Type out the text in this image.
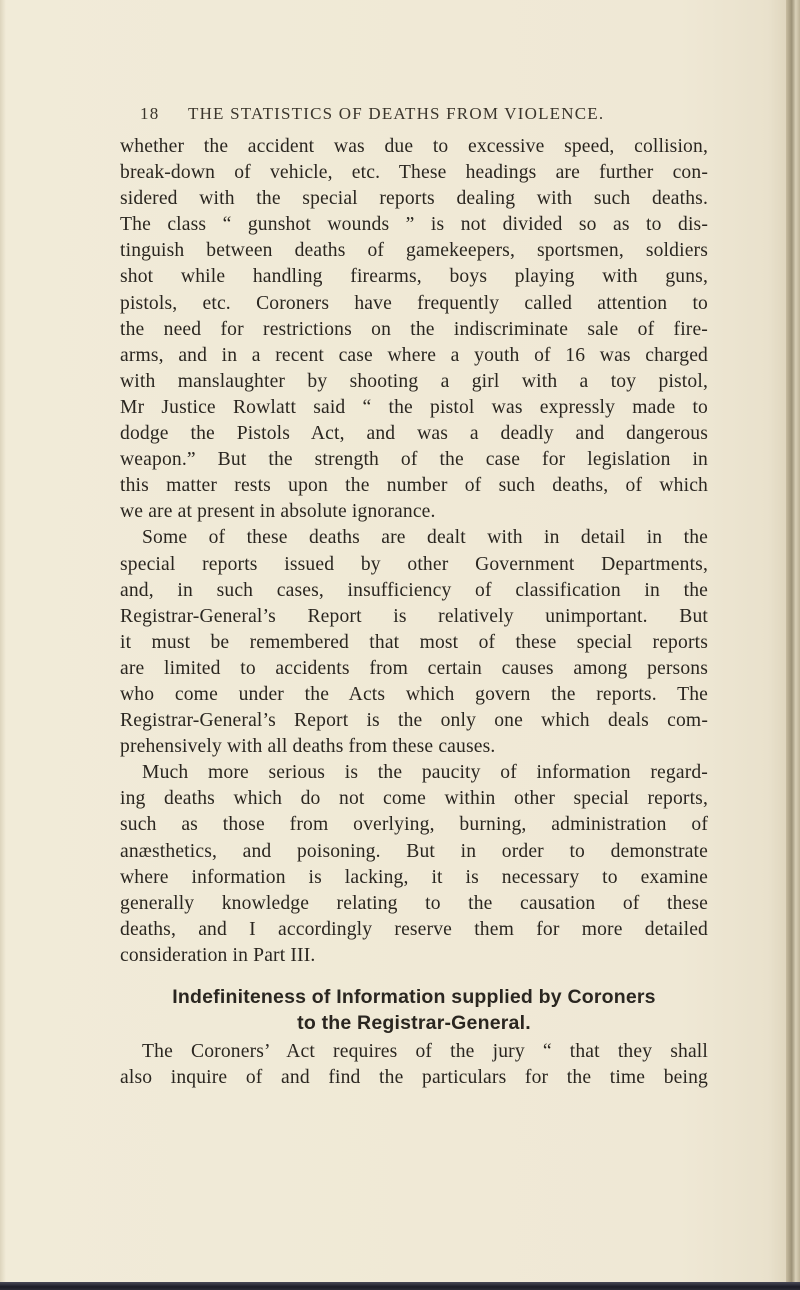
18 THE STATISTICS OF DEATHS FROM VIOLENCE.
whether the accident was due to excessive speed, collision,
break-down of vehicle, etc. These headings are further con-
sidered with the special reports dealing with such deaths.
The class “ gunshot wounds ” is not divided so as to dis-
tinguish between deaths of gamekeepers, sportsmen, soldiers
shot while handling firearms, boys playing with guns,
pistols, etc. Coroners have frequently called attention to
the need for restrictions on the indiscriminate sale of fire-
arms, and in a recent case where a youth of 16 was charged
with manslaughter by shooting a girl with a toy pistol,
Mr Justice Rowlatt said “ the pistol was expressly made to
dodge the Pistols Act, and was a deadly and dangerous
weapon.” But the strength of the case for legislation in
this matter rests upon the number of such deaths, of which
we are at present in absolute ignorance.
Some of these deaths are dealt with in detail in the
special reports issued by other Government Departments,
and, in such cases, insufficiency of classification in the
Registrar-General’s Report is relatively unimportant. But
it must be remembered that most of these special reports
are limited to accidents from certain causes among persons
who come under the Acts which govern the reports. The
Registrar-General’s Report is the only one which deals com-
prehensively with all deaths from these causes.
Much more serious is the paucity of information regard-
ing deaths which do not come within other special reports,
such as those from overlying, burning, administration of
anæsthetics, and poisoning. But in order to demonstrate
where information is lacking, it is necessary to examine
generally knowledge relating to the causation of these
deaths, and I accordingly reserve them for more detailed
consideration in Part III.
Indefiniteness of Information supplied by Coroners
to the Registrar-General.
The Coroners’ Act requires of the jury “ that they shall
also inquire of and find the particulars for the time being
